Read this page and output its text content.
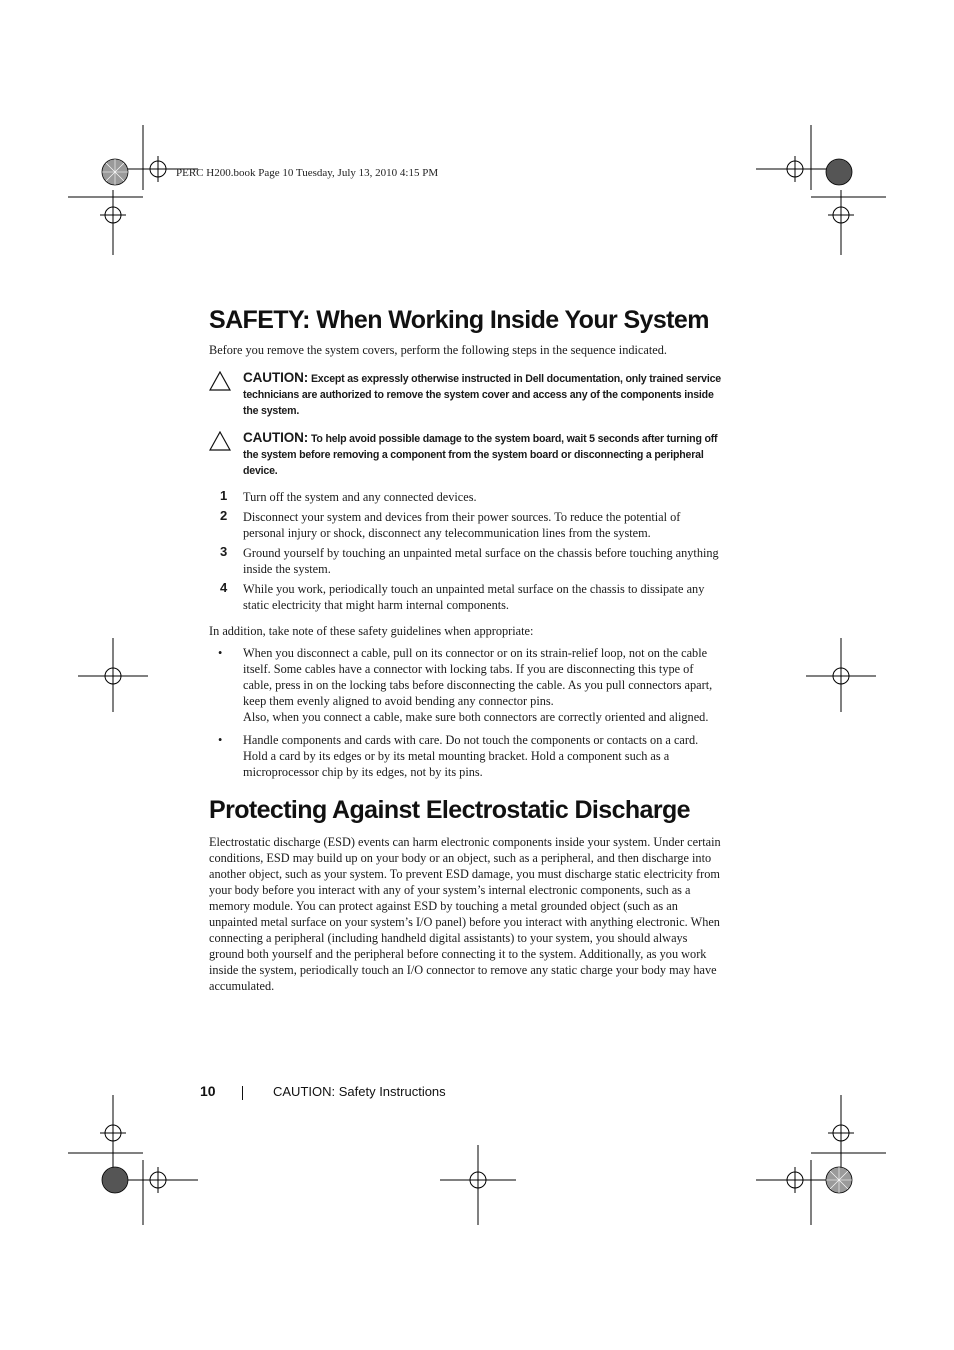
PERC H200.book Page 10 Tuesday, July 13, 2010 4:15 PM
SAFETY: When Working Inside Your System

Before you remove the system covers, perform the following steps in the sequence indicated.

CAUTION: Except as expressly otherwise instructed in Dell documentation, only trained service technicians are authorized to remove the system cover and access any of the components inside the system.
CAUTION: To help avoid possible damage to the system board, wait 5 seconds after turning off the system before removing a component from the system board or disconnecting a peripheral device.
1 Turn off the system and any connected devices.
2 Disconnect your system and devices from their power sources. To reduce the potential of personal injury or shock, disconnect any telecommunication lines from the system.
3 Ground yourself by touching an unpainted metal surface on the chassis before touching anything inside the system.
4 While you work, periodically touch an unpainted metal surface on the chassis to dissipate any static electricity that might harm internal components.

In addition, take note of these safety guidelines when appropriate:

• When you disconnect a cable, pull on its connector or on its strain-relief loop, not on the cable itself. Some cables have a connector with locking tabs. If you are disconnecting this type of cable, press in on the locking tabs before disconnecting the cable. As you pull connectors apart, keep them evenly aligned to avoid bending any connector pins.
Also, when you connect a cable, make sure both connectors are correctly oriented and aligned.
• Handle components and cards with care. Do not touch the components or contacts on a card. Hold a card by its edges or by its metal mounting bracket. Hold a component such as a microprocessor chip by its edges, not by its pins.
Protecting Against Electrostatic Discharge

Electrostatic discharge (ESD) events can harm electronic components inside your system. Under certain conditions, ESD may build up on your body or an object, such as a peripheral, and then discharge into another object, such as your system. To prevent ESD damage, you must discharge static electricity from your body before you interact with any of your system’s internal electronic components, such as a memory module. You can protect against ESD by touching a metal grounded object (such as an unpainted metal surface on your system’s I/O panel) before you interact with anything electronic. When connecting a peripheral (including handheld digital assistants) to your system, you should always ground both yourself and the peripheral before connecting it to the system. Additionally, as you work inside the system, periodically touch an I/O connector to remove any static charge your body may have accumulated.

10	CAUTION: Safety Instructions
